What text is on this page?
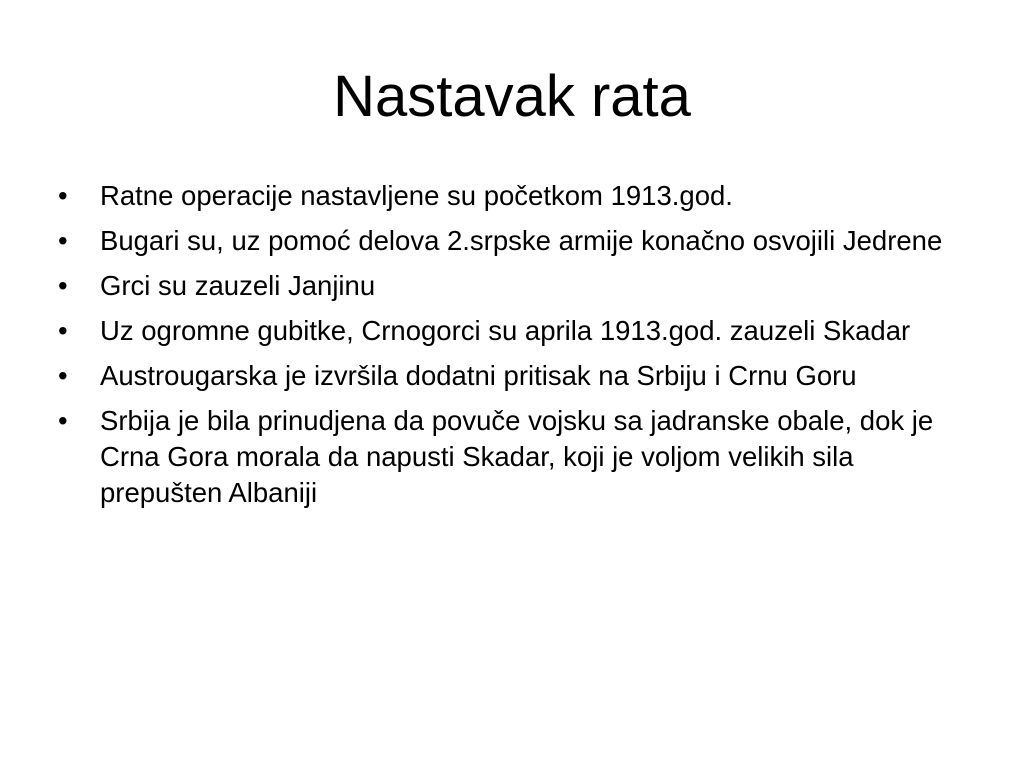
Nastavak rata
•	Ratne operacije nastavljene su početkom 1913.god.
•	Bugari su, uz pomoć delova 2.srpske armije konačno osvojili Jedrene
•	Grci su zauzeli Janjinu
•	Uz ogromne gubitke, Crnogorci su aprila 1913.god. zauzeli Skadar
•	Austrougarska je izvršila dodatni pritisak na Srbiju i Crnu Goru
•	Srbija je bila prinudjena da povuče vojsku sa jadranske obale, dok je Crna Gora morala da napusti Skadar, koji je voljom velikih sila prepušten Albaniji
